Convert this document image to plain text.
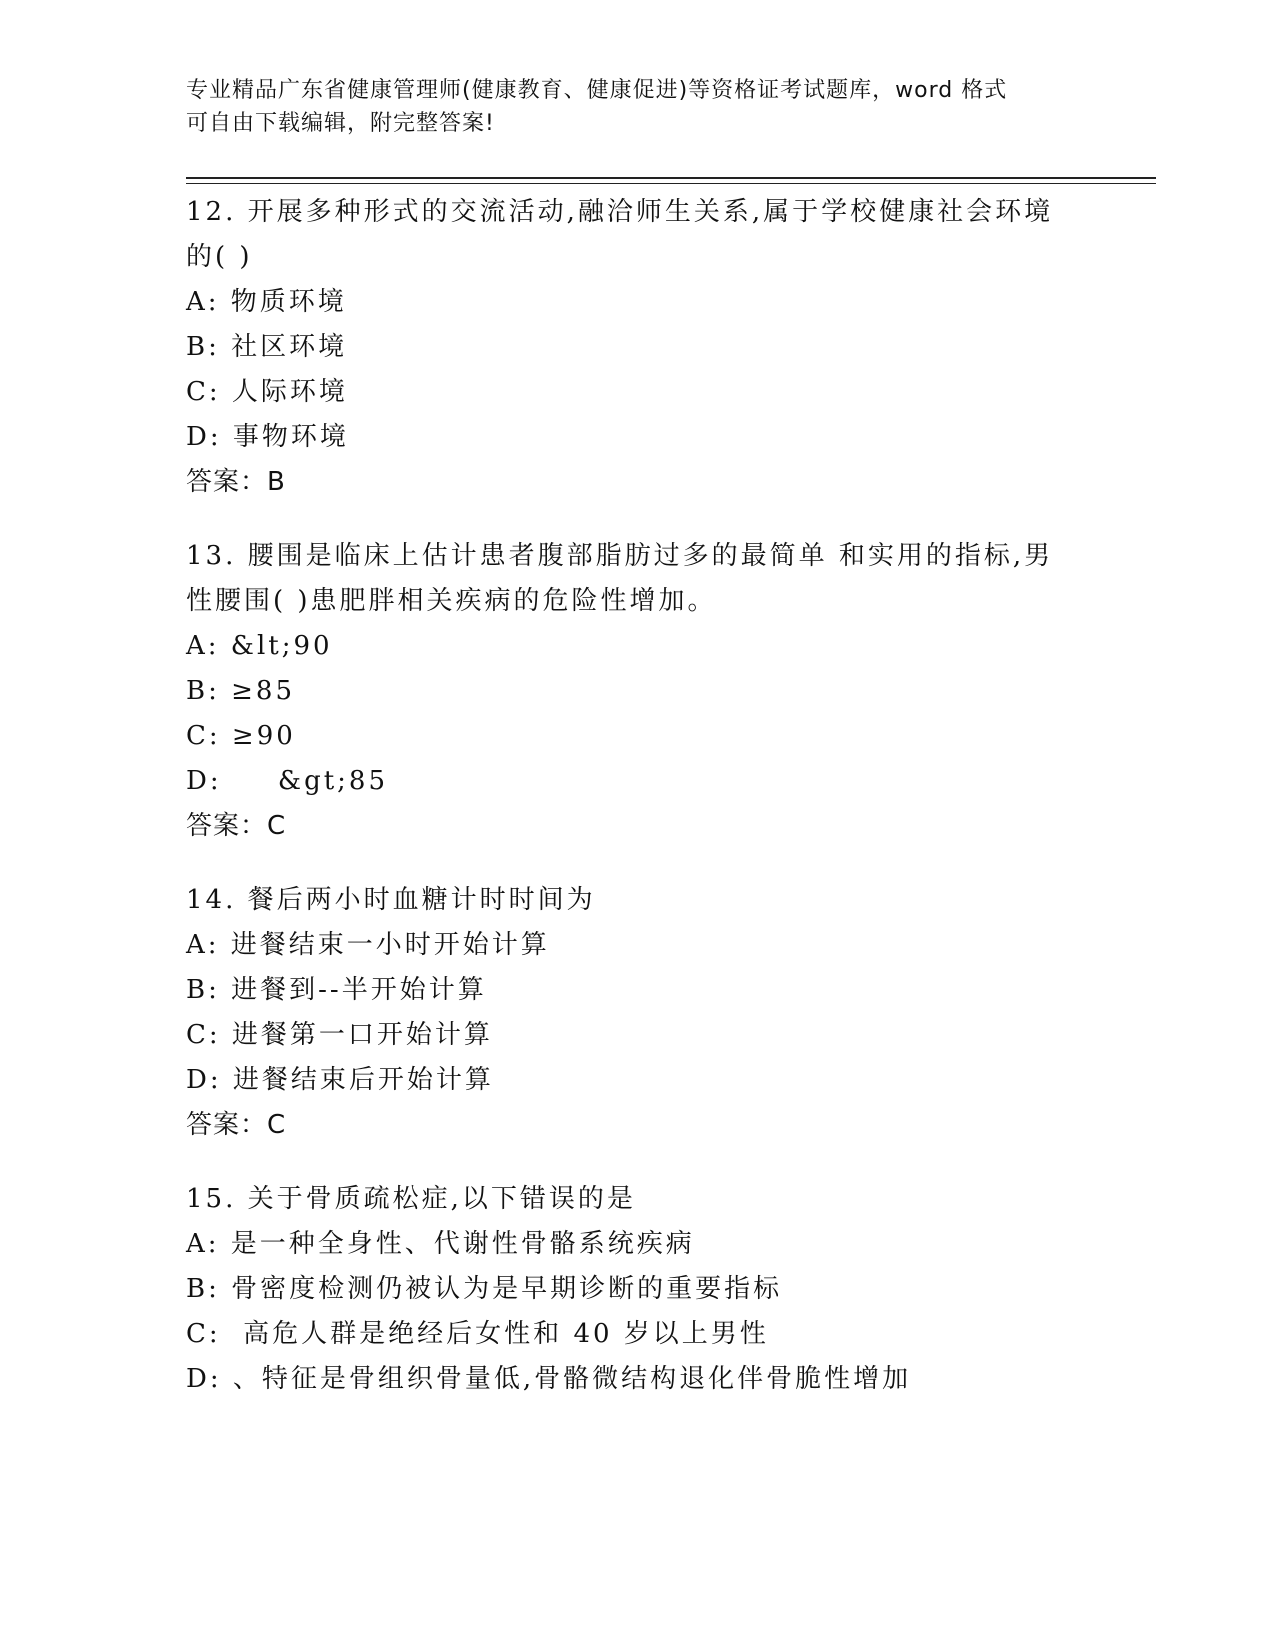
专业精品广东省健康管理师(健康教育、健康促进)等资格证考试题库，word 格式
可自由下载编辑，附完整答案!
12. 开展多种形式的交流活动,融洽师生关系,属于学校健康社会环境
的( )
A: 物质环境
B: 社区环境
C: 人际环境
D: 事物环境
答案：B
13. 腰围是临床上估计患者腹部脂肪过多的最简单 和实用的指标,男
性腰围( )患肥胖相关疾病的危险性增加。
A: &lt;90
B: ≥85
C: ≥90
D:     &gt;85
答案：C
14. 餐后两小时血糖计时时间为
A: 进餐结束一小时开始计算
B: 进餐到--半开始计算
C: 进餐第一口开始计算
D: 进餐结束后开始计算
答案：C
15. 关于骨质疏松症,以下错误的是
A: 是一种全身性、代谢性骨骼系统疾病
B: 骨密度检测仍被认为是早期诊断的重要指标
C:  高危人群是绝经后女性和 40 岁以上男性
D: 、特征是骨组织骨量低,骨骼微结构退化伴骨脆性增加
